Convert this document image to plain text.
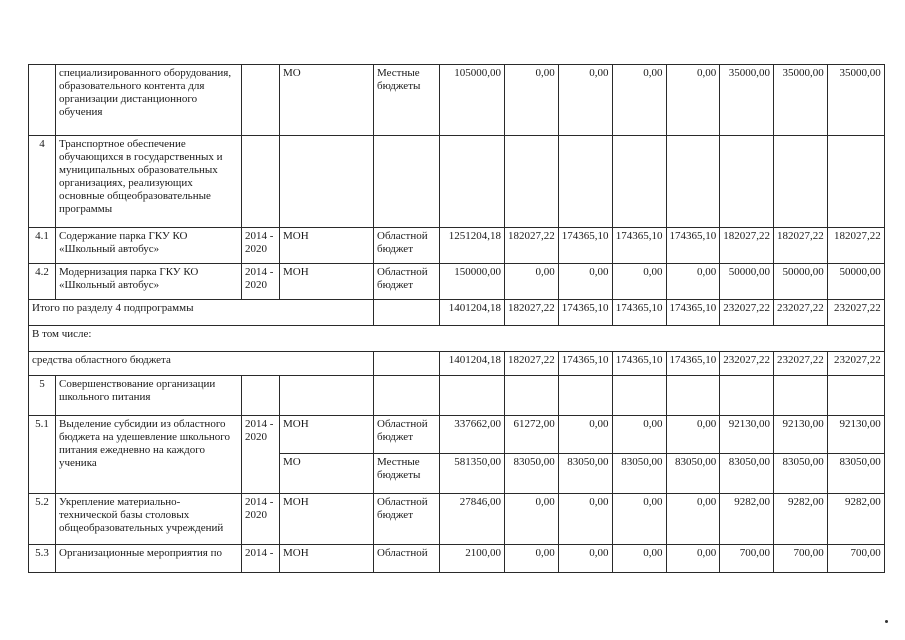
	специализированного оборудования, образовательного контента для организации дистанционного обучения		МО	Местные бюджеты	105000,00	0,00	0,00	0,00	0,00	35000,00	35000,00	35000,00
4	Транспортное обеспечение обучающихся в государственных и муниципальных образовательных организациях, реализующих основные общеобразовательные программы											
4.1	Содержание парка ГКУ КО «Школьный автобус»	2014 - 2020	МОН	Областной бюджет	1251204,18	182027,22	174365,10	174365,10	174365,10	182027,22	182027,22	182027,22
4.2	Модернизация парка ГКУ КО «Школьный автобус»	2014 - 2020	МОН	Областной бюджет	150000,00	0,00	0,00	0,00	0,00	50000,00	50000,00	50000,00
Итого по разделу 4 подпрограммы					1401204,18	182027,22	174365,10	174365,10	174365,10	232027,22	232027,22	232027,22
В том числе:												
средства областного бюджета					1401204,18	182027,22	174365,10	174365,10	174365,10	232027,22	232027,22	232027,22
5	Совершенствование организации школьного питания											
5.1	Выделение субсидии из областного бюджета на удешевление школьного питания ежедневно на каждого ученика	2014 - 2020	МОН	Областной бюджет	337662,00	61272,00	0,00	0,00	0,00	92130,00	92130,00	92130,00
			МО	Местные бюджеты	581350,00	83050,00	83050,00	83050,00	83050,00	83050,00	83050,00	83050,00
5.2	Укрепление материально-технической базы столовых общеобразовательных учреждений	2014 - 2020	МОН	Областной бюджет	27846,00	0,00	0,00	0,00	0,00	9282,00	9282,00	9282,00
5.3	Организационные мероприятия по	2014 -	МОН	Областной	2100,00	0,00	0,00	0,00	0,00	700,00	700,00	700,00
